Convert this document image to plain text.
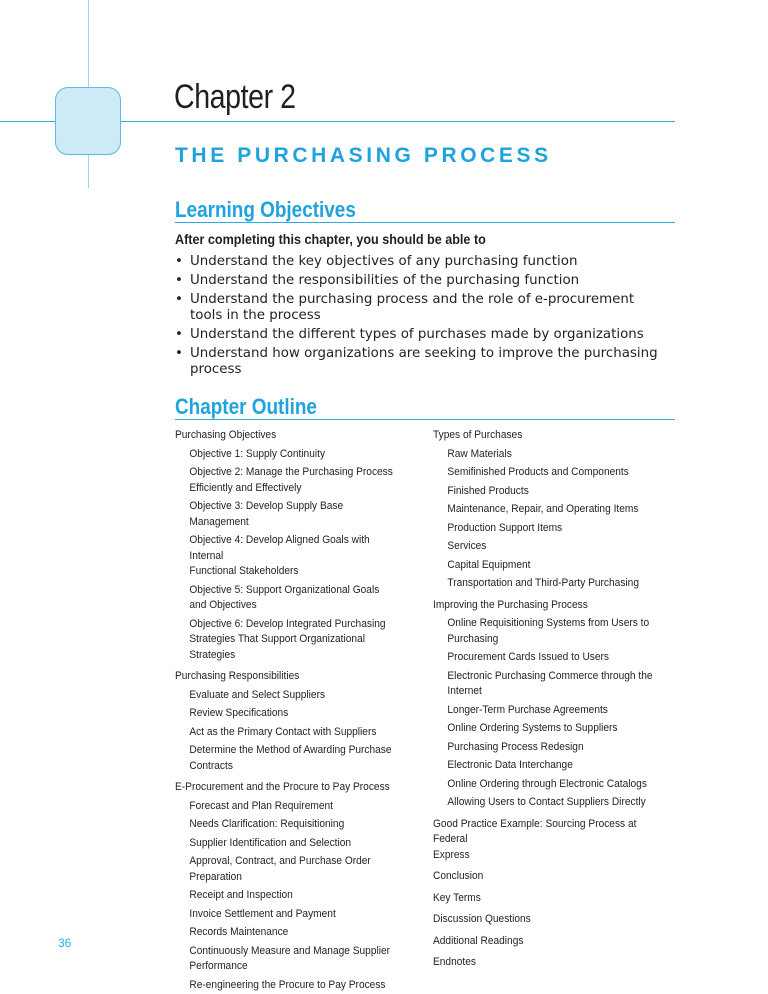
Chapter 2
THE PURCHASING PROCESS
Learning Objectives

After completing this chapter, you should be able to

• Understand the key objectives of any purchasing function
• Understand the responsibilities of the purchasing function
• Understand the purchasing process and the role of e-procurement tools in the process
• Understand the different types of purchases made by organizations
• Understand how organizations are seeking to improve the purchasing process
Chapter Outline
Purchasing Objectives
Objective 1: Supply Continuity
Objective 2: Manage the Purchasing Process
Efficiently and Effectively
Objective 3: Develop Supply Base Management
Objective 4: Develop Aligned Goals with Internal
Functional Stakeholders
Objective 5: Support Organizational Goals
and Objectives
Objective 6: Develop Integrated Purchasing
Strategies That Support Organizational Strategies
Purchasing Responsibilities
Evaluate and Select Suppliers
Review Specifications
Act as the Primary Contact with Suppliers
Determine the Method of Awarding Purchase
Contracts
E-Procurement and the Procure to Pay Process
Forecast and Plan Requirement
Needs Clarification: Requisitioning
Supplier Identification and Selection
Approval, Contract, and Purchase Order Preparation
Receipt and Inspection
Invoice Settlement and Payment
Records Maintenance
Continuously Measure and Manage Supplier
Performance
Re-engineering the Procure to Pay Process
Types of Purchases
Raw Materials
Semifinished Products and Components
Finished Products
Maintenance, Repair, and Operating Items
Production Support Items
Services
Capital Equipment
Transportation and Third-Party Purchasing
Improving the Purchasing Process
Online Requisitioning Systems from Users to
Purchasing
Procurement Cards Issued to Users
Electronic Purchasing Commerce through the
Internet
Longer-Term Purchase Agreements
Online Ordering Systems to Suppliers
Purchasing Process Redesign
Electronic Data Interchange
Online Ordering through Electronic Catalogs
Allowing Users to Contact Suppliers Directly
Good Practice Example: Sourcing Process at Federal
Express
Conclusion
Key Terms
Discussion Questions
Additional Readings
Endnotes

36
